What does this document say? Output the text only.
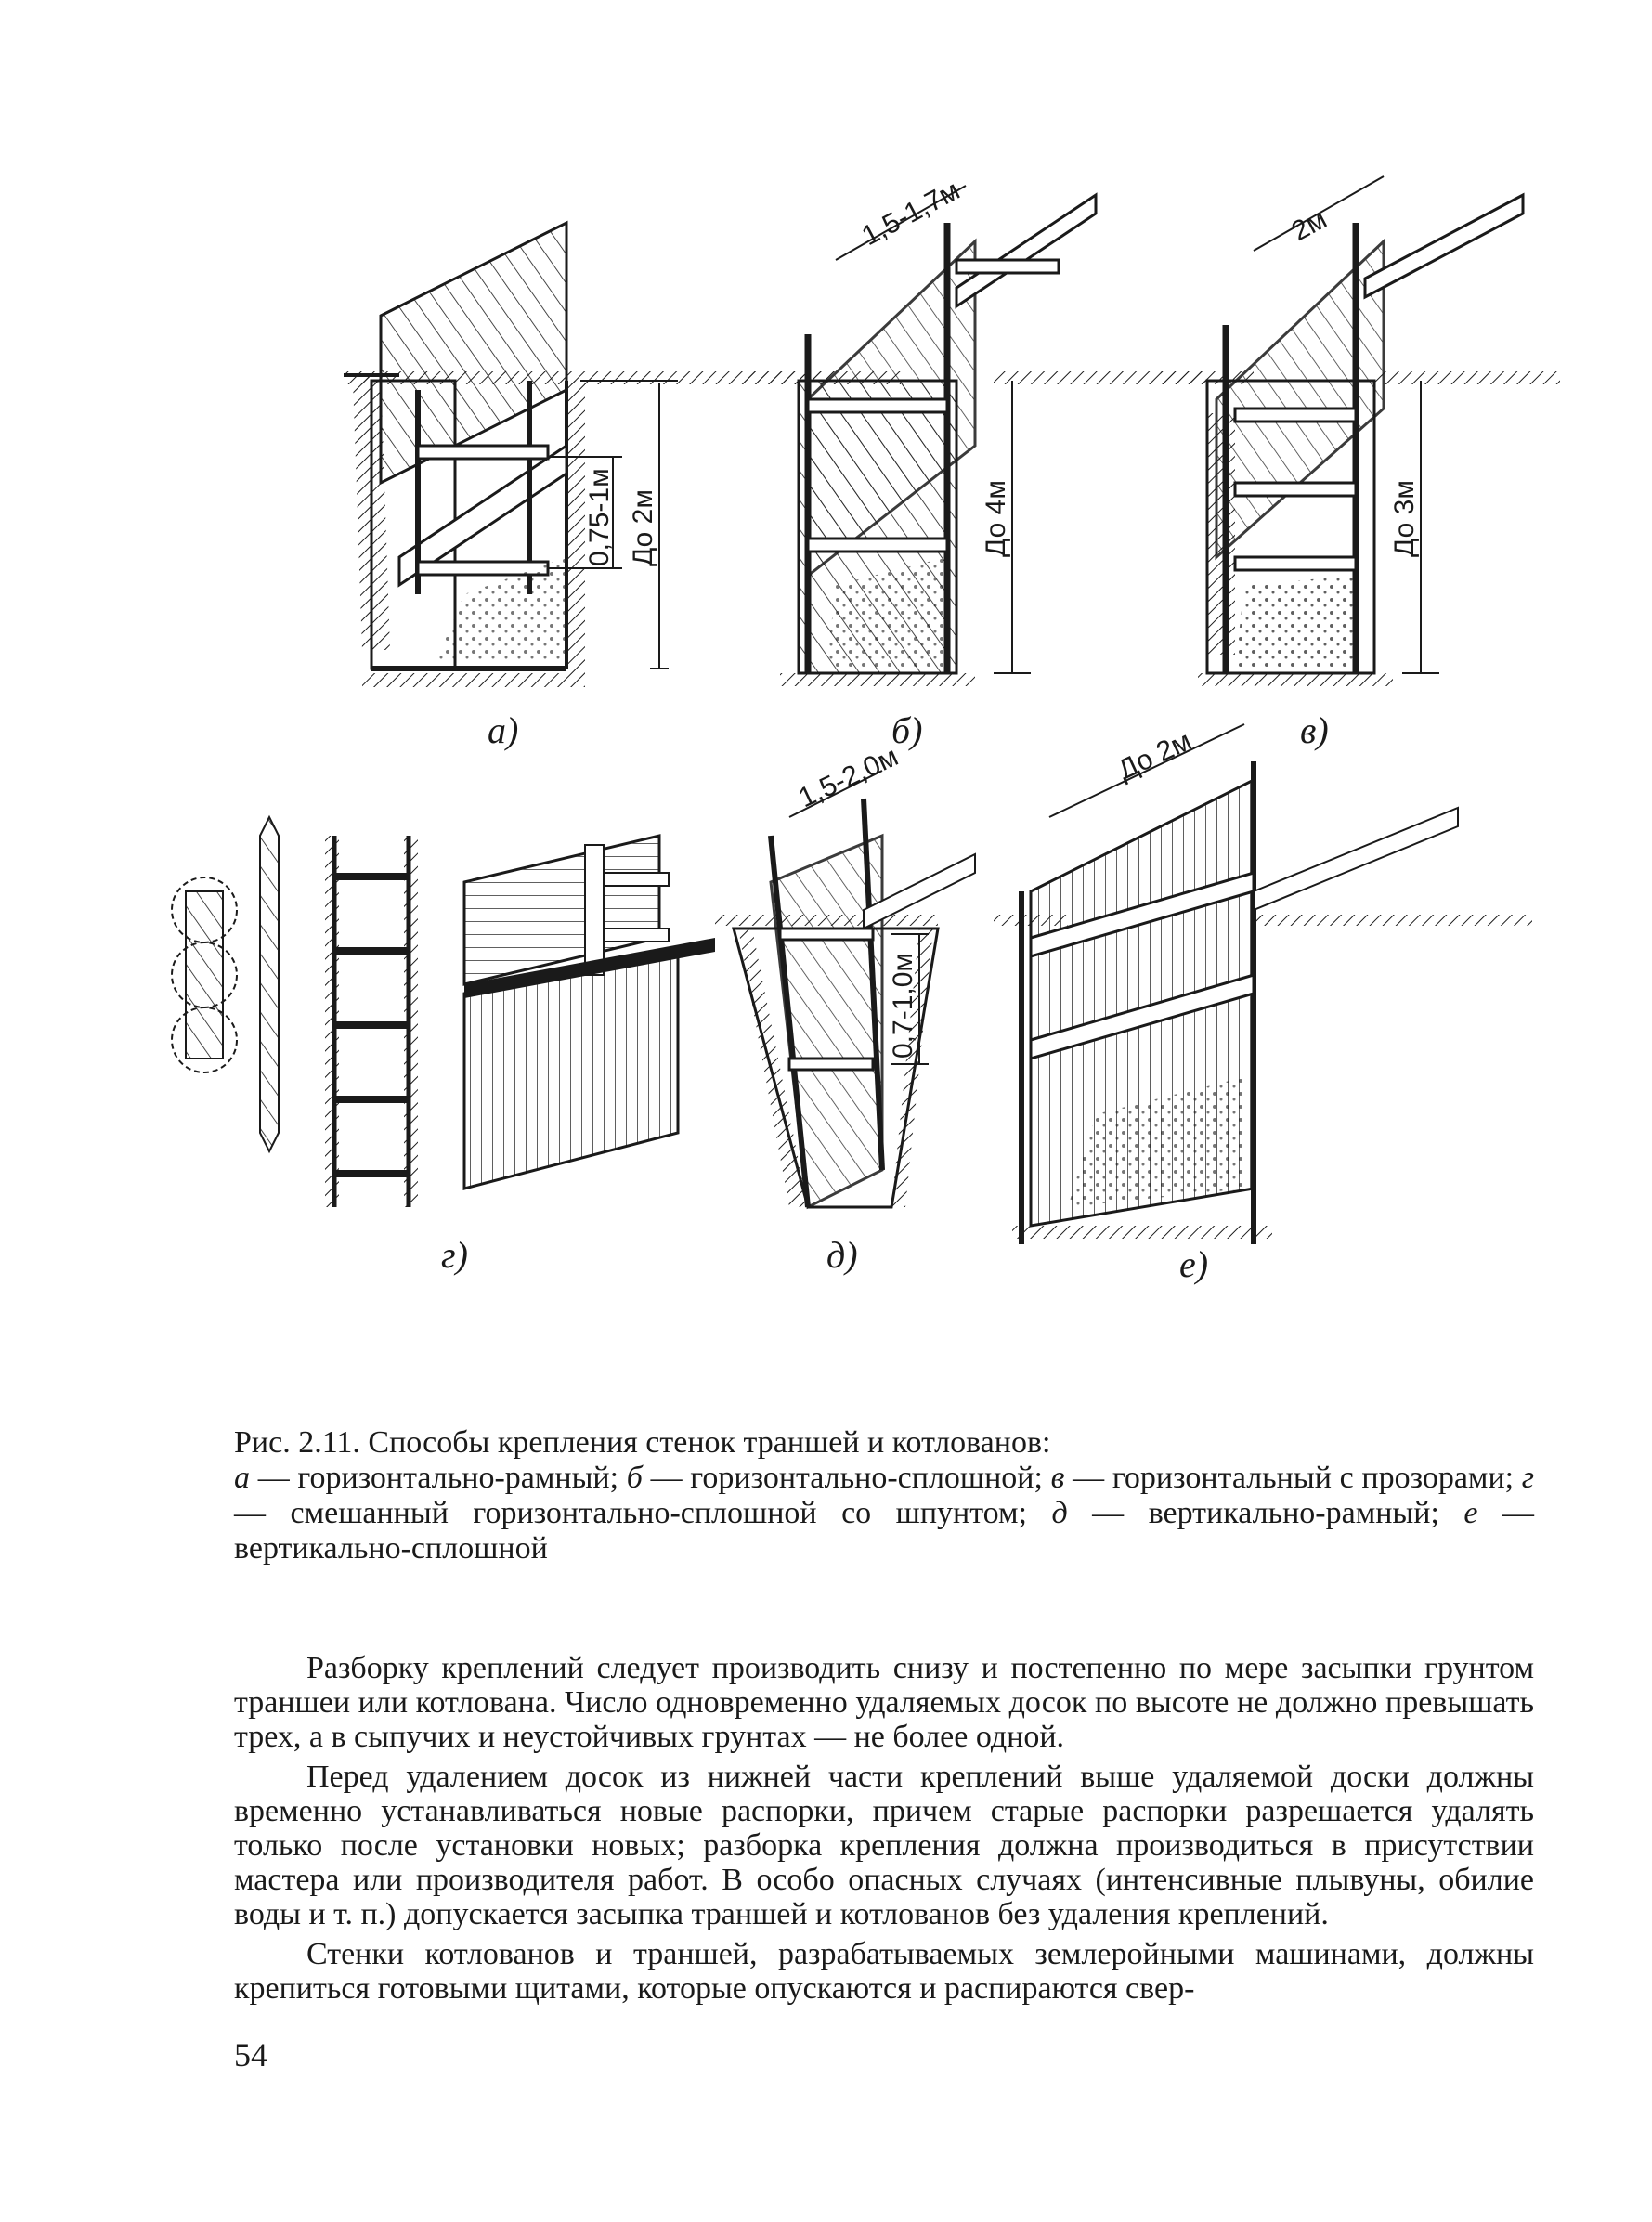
0,75-1м До 2м
а)
1,5-1,7м
До 4м
б)
2м
До 3м
в)
г)
1,5-2,0м
0,7-1,0м
д)
До 2м
е)
Рис. 2.11. Способы крепления стенок траншей и котлованов:
а — горизонтально-рамный; б — горизонтально-сплошной; в — горизонтальный с прозорами; г — смешанный горизонтально-сплошной со шпунтом; д — вертикально-рамный; е — вертикально-сплошной

Разборку креплений следует производить снизу и постепенно по мере засыпки грунтом траншеи или котлована. Число одновременно удаляемых досок по высоте не должно превышать трех, а в сыпучих и неустойчивых грунтах — не более одной.

Перед удалением досок из нижней части креплений выше удаляемой доски должны временно устанавливаться новые распорки, причем старые распорки разрешается удалять только после установки новых; разборка крепления должна производиться в присутствии мастера или производителя работ. В особо опасных случаях (интенсивные плывуны, обилие воды и т. п.) допускается засыпка траншей и котлованов без удаления креплений.

Стенки котлованов и траншей, разрабатываемых землеройными машинами, должны крепиться готовыми щитами, которые опускаются и распираются свер-

54
